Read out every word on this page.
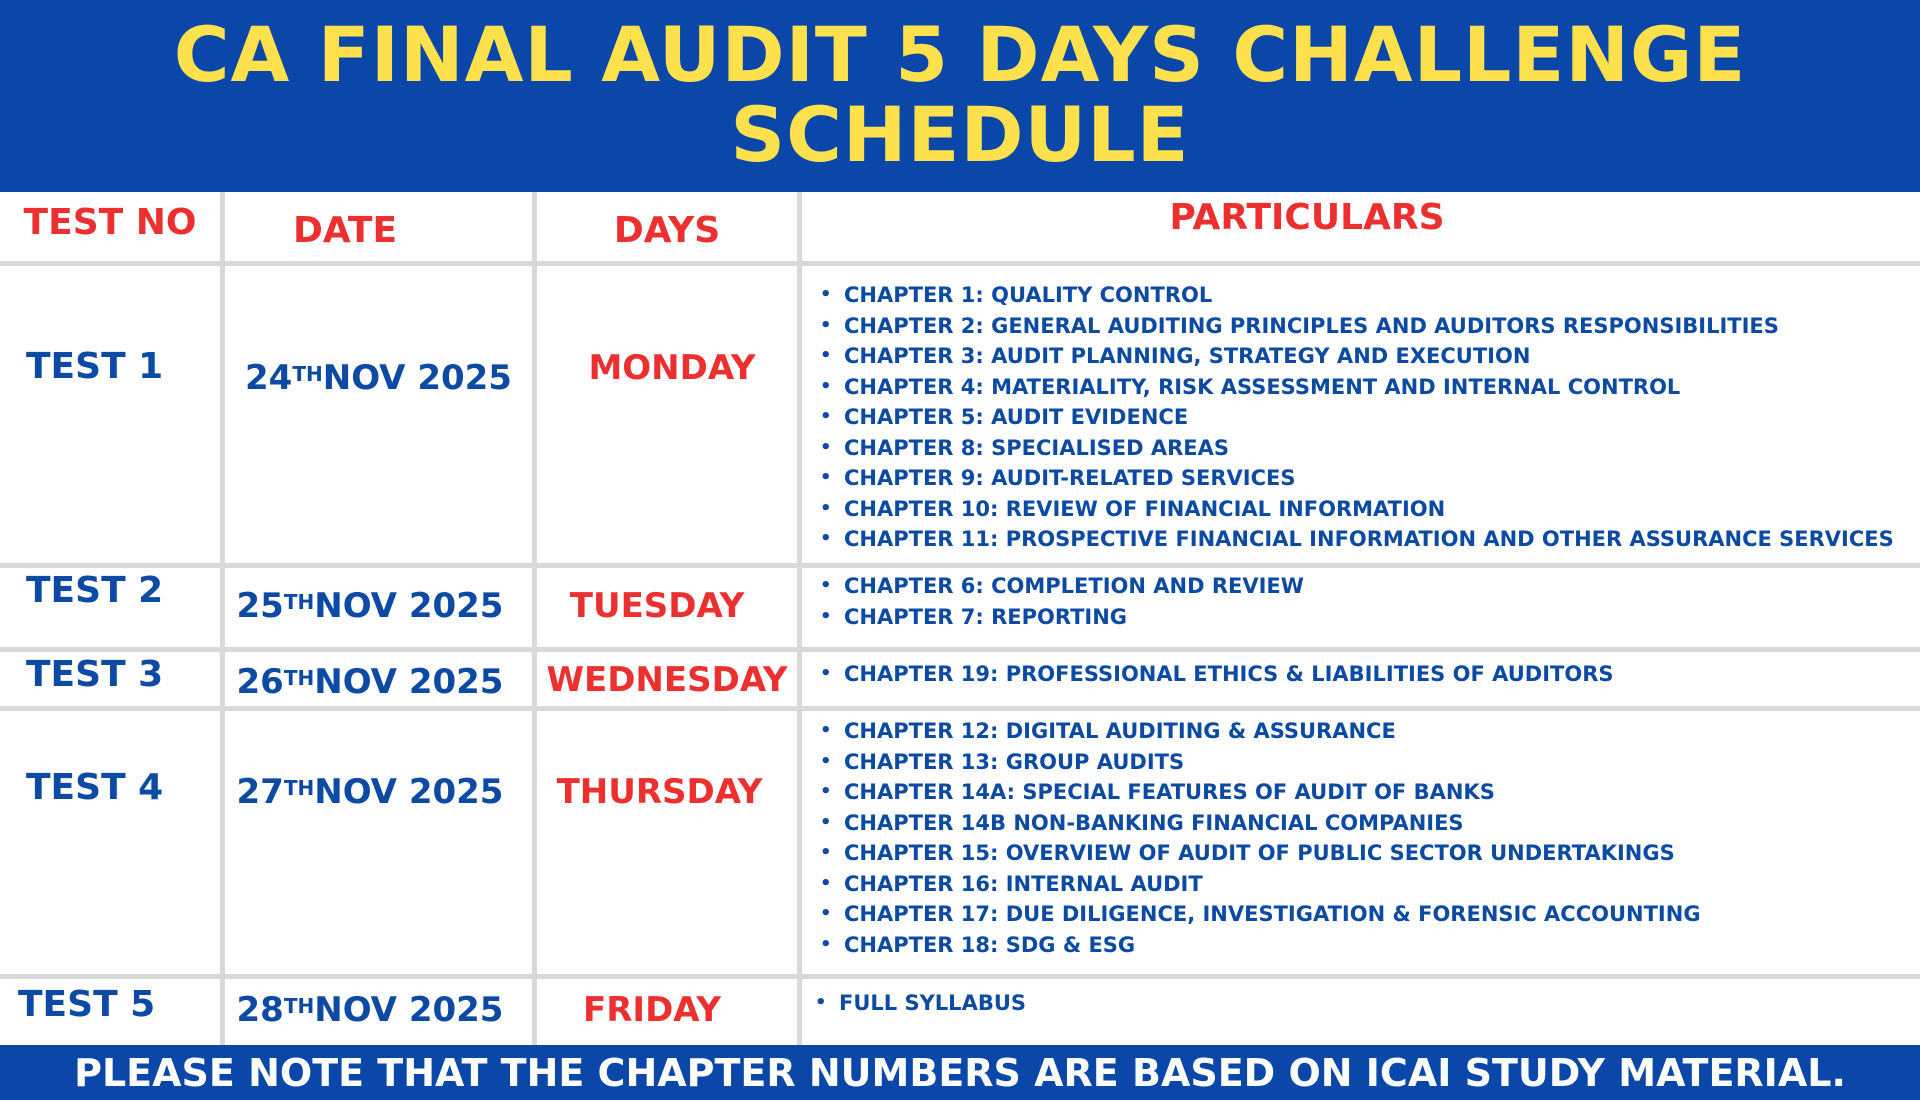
CA FINAL AUDIT 5 DAYS CHALLENGE
SCHEDULE
TEST NO	DATE	DAYS	PARTICULARS
TEST 1	24TH NOV 2025	MONDAY
• CHAPTER 1: QUALITY CONTROL
• CHAPTER 2: GENERAL AUDITING PRINCIPLES AND AUDITORS RESPONSIBILITIES
• CHAPTER 3: AUDIT PLANNING, STRATEGY AND EXECUTION
• CHAPTER 4: MATERIALITY, RISK ASSESSMENT AND INTERNAL CONTROL
• CHAPTER 5: AUDIT EVIDENCE
• CHAPTER 8: SPECIALISED AREAS
• CHAPTER 9: AUDIT-RELATED SERVICES
• CHAPTER 10: REVIEW OF FINANCIAL INFORMATION
• CHAPTER 11: PROSPECTIVE FINANCIAL INFORMATION AND OTHER ASSURANCE SERVICES
TEST 2	25TH NOV 2025	TUESDAY	• CHAPTER 6: COMPLETION AND REVIEW
• CHAPTER 7: REPORTING
TEST 3	26TH NOV 2025 WEDNESDAY	• CHAPTER 19: PROFESSIONAL ETHICS & LIABILITIES OF AUDITORS
TEST 4	27TH NOV 2025	THURSDAY
• CHAPTER 12: DIGITAL AUDITING & ASSURANCE
• CHAPTER 13: GROUP AUDITS
• CHAPTER 14A: SPECIAL FEATURES OF AUDIT OF BANKS
• CHAPTER 14B NON-BANKING FINANCIAL COMPANIES
• CHAPTER 15: OVERVIEW OF AUDIT OF PUBLIC SECTOR UNDERTAKINGS
• CHAPTER 16: INTERNAL AUDIT
• CHAPTER 17: DUE DILIGENCE, INVESTIGATION & FORENSIC ACCOUNTING
• CHAPTER 18: SDG & ESG
TEST 5	28TH NOV 2025	FRIDAY	• FULL SYLLABUS
PLEASE NOTE THAT THE CHAPTER NUMBERS ARE BASED ON ICAI STUDY MATERIAL.
